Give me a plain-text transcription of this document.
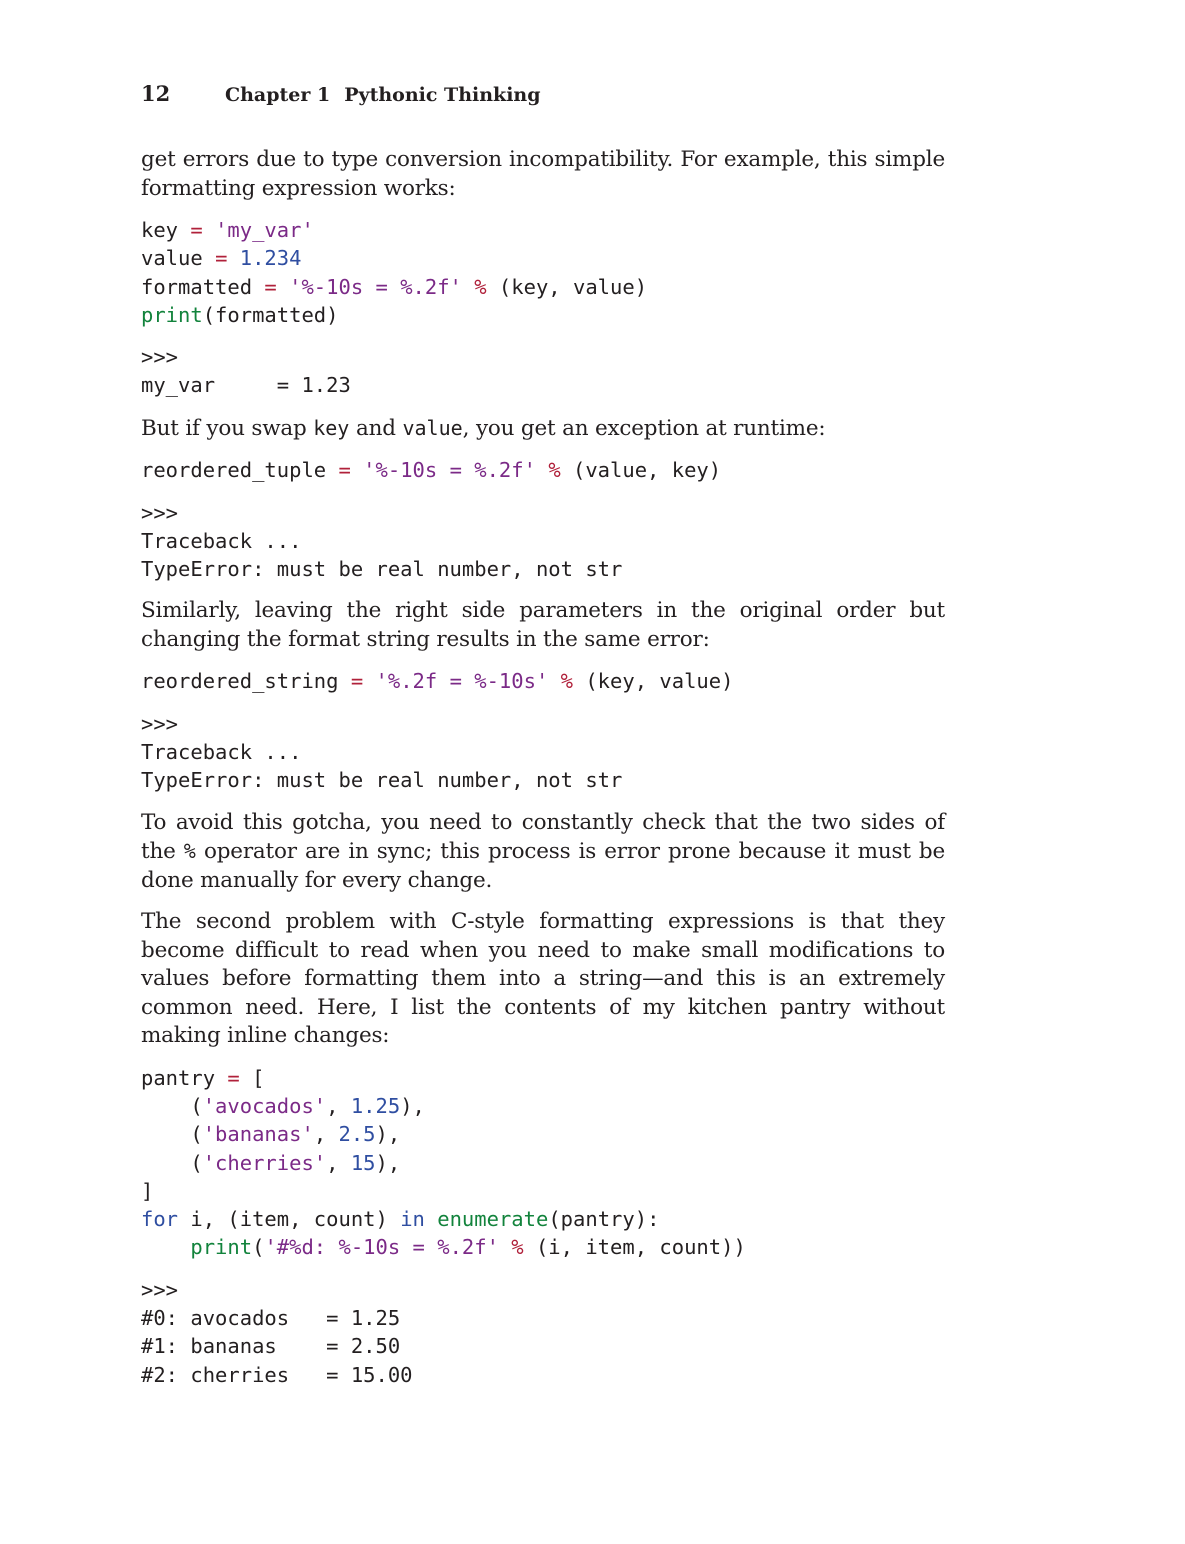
12	Chapter 1 Pythonic Thinking

get errors due to type conversion incompatibility. For example, this simple formatting expression works:

key = 'my_var'
value = 1.234
formatted = '%-10s = %.2f' % (key, value)
print(formatted)
>>>
my_var     = 1.23

But if you swap key and value, you get an exception at runtime:

reordered_tuple = '%-10s = %.2f' % (value, key)
>>>
Traceback ...
TypeError: must be real number, not str

Similarly, leaving the right side parameters in the original order but changing the format string results in the same error:

reordered_string = '%.2f = %-10s' % (key, value)
>>>
Traceback ...
TypeError: must be real number, not str

To avoid this gotcha, you need to constantly check that the two sides of the % operator are in sync; this process is error prone because it must be done manually for every change.

The second problem with C-style formatting expressions is that they become difficult to read when you need to make small modifications to values before formatting them into a string—and this is an extremely common need. Here, I list the contents of my kitchen pantry without making inline changes:

pantry = [
('avocados', 1.25),
('bananas', 2.5),
('cherries', 15),
]
for i, (item, count) in enumerate(pantry):
print('#%d: %-10s = %.2f' % (i, item, count))
>>>
#0: avocados   = 1.25
#1: bananas    = 2.50
#2: cherries   = 15.00
